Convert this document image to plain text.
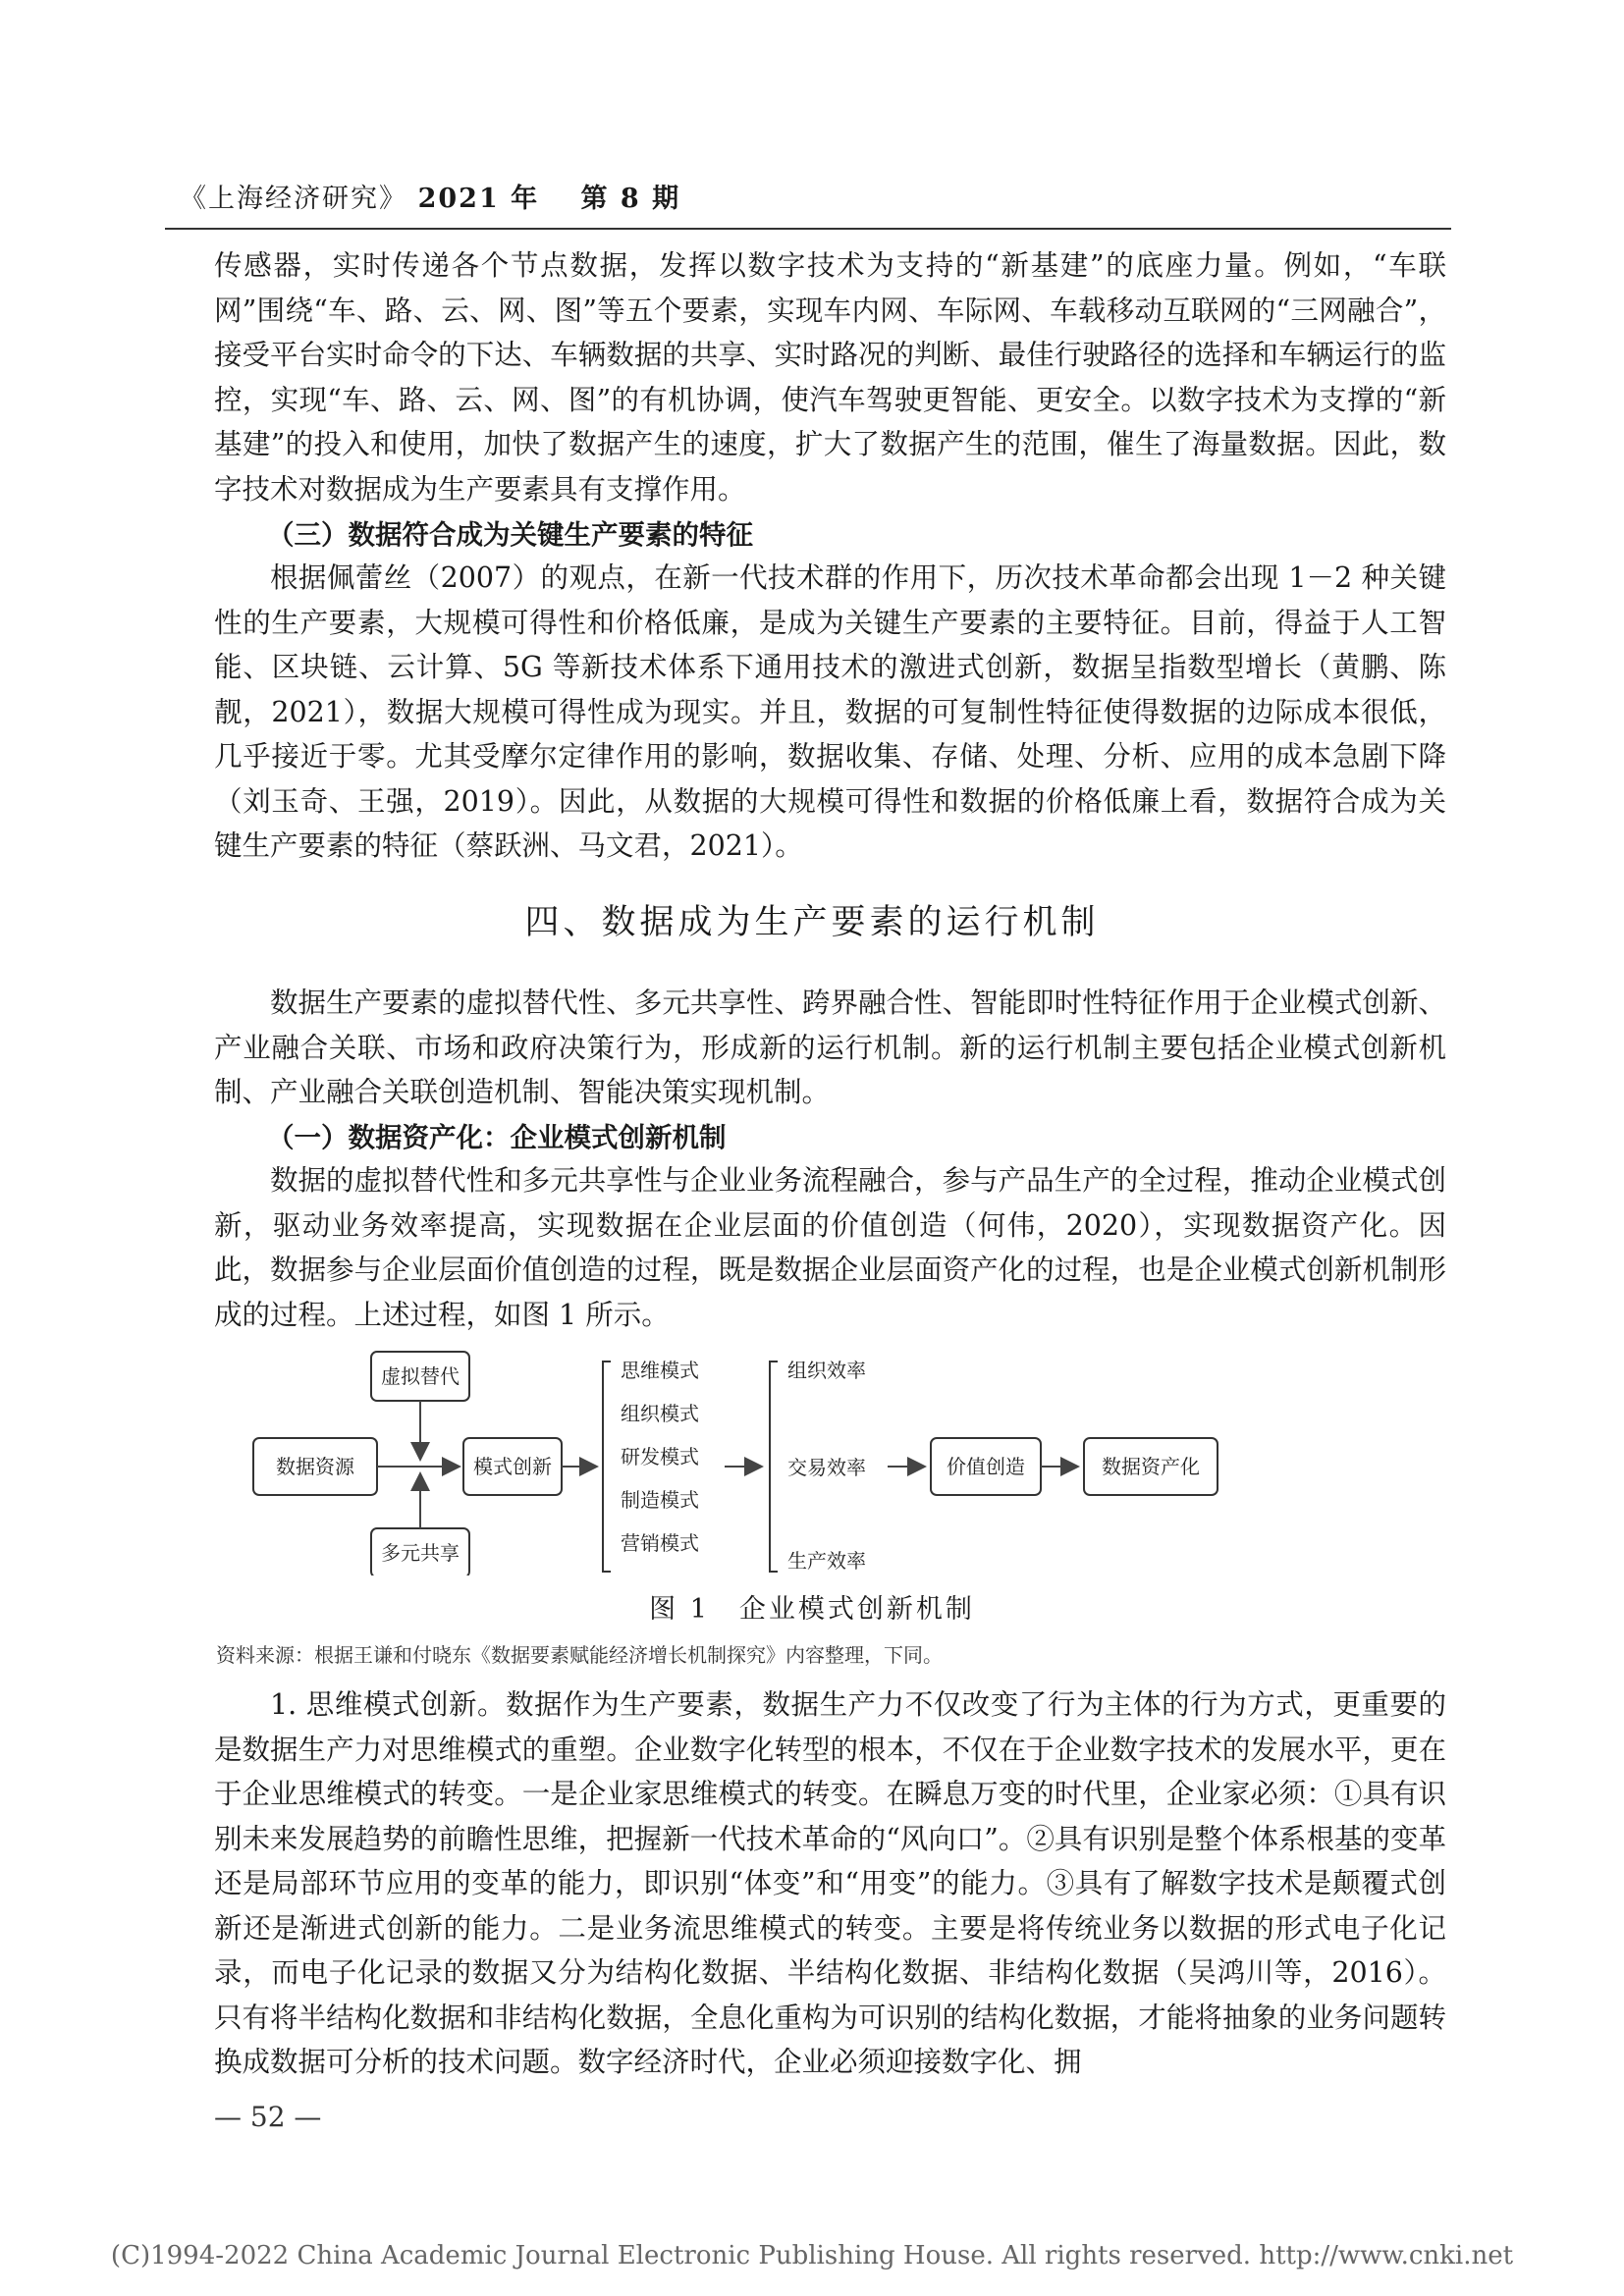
《上海经济研究》 2021 年 第 8 期
传感器，实时传递各个节点数据，发挥以数字技术为支持的“新基建”的底座力量。例如，“车联网”围绕“车、路、云、网、图”等五个要素，实现车内网、车际网、车载移动互联网的“三网融合”，接受平台实时命令的下达、车辆数据的共享、实时路况的判断、最佳行驶路径的选择和车辆运行的监控，实现“车、路、云、网、图”的有机协调，使汽车驾驶更智能、更安全。以数字技术为支撑的“新基建”的投入和使用，加快了数据产生的速度，扩大了数据产生的范围，催生了海量数据。因此，数字技术对数据成为生产要素具有支撑作用。
（三）数据符合成为关键生产要素的特征
根据佩蕾丝（2007）的观点，在新一代技术群的作用下，历次技术革命都会出现 1－2 种关键性的生产要素，大规模可得性和价格低廉，是成为关键生产要素的主要特征。目前，得益于人工智能、区块链、云计算、5G 等新技术体系下通用技术的激进式创新，数据呈指数型增长（黄鹏、陈靓，2021），数据大规模可得性成为现实。并且，数据的可复制性特征使得数据的边际成本很低，几乎接近于零。尤其受摩尔定律作用的影响，数据收集、存储、处理、分析、应用的成本急剧下降（刘玉奇、王强，2019）。因此，从数据的大规模可得性和数据的价格低廉上看，数据符合成为关键生产要素的特征（蔡跃洲、马文君，2021）。
四、数据成为生产要素的运行机制
数据生产要素的虚拟替代性、多元共享性、跨界融合性、智能即时性特征作用于企业模式创新、产业融合关联、市场和政府决策行为，形成新的运行机制。新的运行机制主要包括企业模式创新机制、产业融合关联创造机制、智能决策实现机制。
（一）数据资产化：企业模式创新机制
数据的虚拟替代性和多元共享性与企业业务流程融合，参与产品生产的全过程，推动企业模式创新，驱动业务效率提高，实现数据在企业层面的价值创造（何伟，2020），实现数据资产化。因此，数据参与企业层面价值创造的过程，既是数据企业层面资产化的过程，也是企业模式创新机制形成的过程。上述过程，如图 1 所示。
虚拟替代
数据资源
多元共享
模式创新
思维模式
组织模式
研发模式
制造模式
营销模式
组织效率
交易效率
生产效率
价值创造	数据资产化
图 1　企业模式创新机制
资料来源：根据王谦和付晓东《数据要素赋能经济增长机制探究》内容整理，下同。
1. 思维模式创新。数据作为生产要素，数据生产力不仅改变了行为主体的行为方式，更重要的是数据生产力对思维模式的重塑。企业数字化转型的根本，不仅在于企业数字技术的发展水平，更在于企业思维模式的转变。一是企业家思维模式的转变。在瞬息万变的时代里，企业家必须：①具有识别未来发展趋势的前瞻性思维，把握新一代技术革命的“风向口”。②具有识别是整个体系根基的变革还是局部环节应用的变革的能力，即识别“体变”和“用变”的能力。③具有了解数字技术是颠覆式创新还是渐进式创新的能力。二是业务流思维模式的转变。主要是将传统业务以数据的形式电子化记录，而电子化记录的数据又分为结构化数据、半结构化数据、非结构化数据（吴鸿川等，2016）。只有将半结构化数据和非结构化数据，全息化重构为可识别的结构化数据，才能将抽象的业务问题转换成数据可分析的技术问题。数字经济时代，企业必须迎接数字化、拥
— 52 —
(C)1994-2022 China Academic Journal Electronic Publishing House. All rights reserved. http://www.cnki.net
